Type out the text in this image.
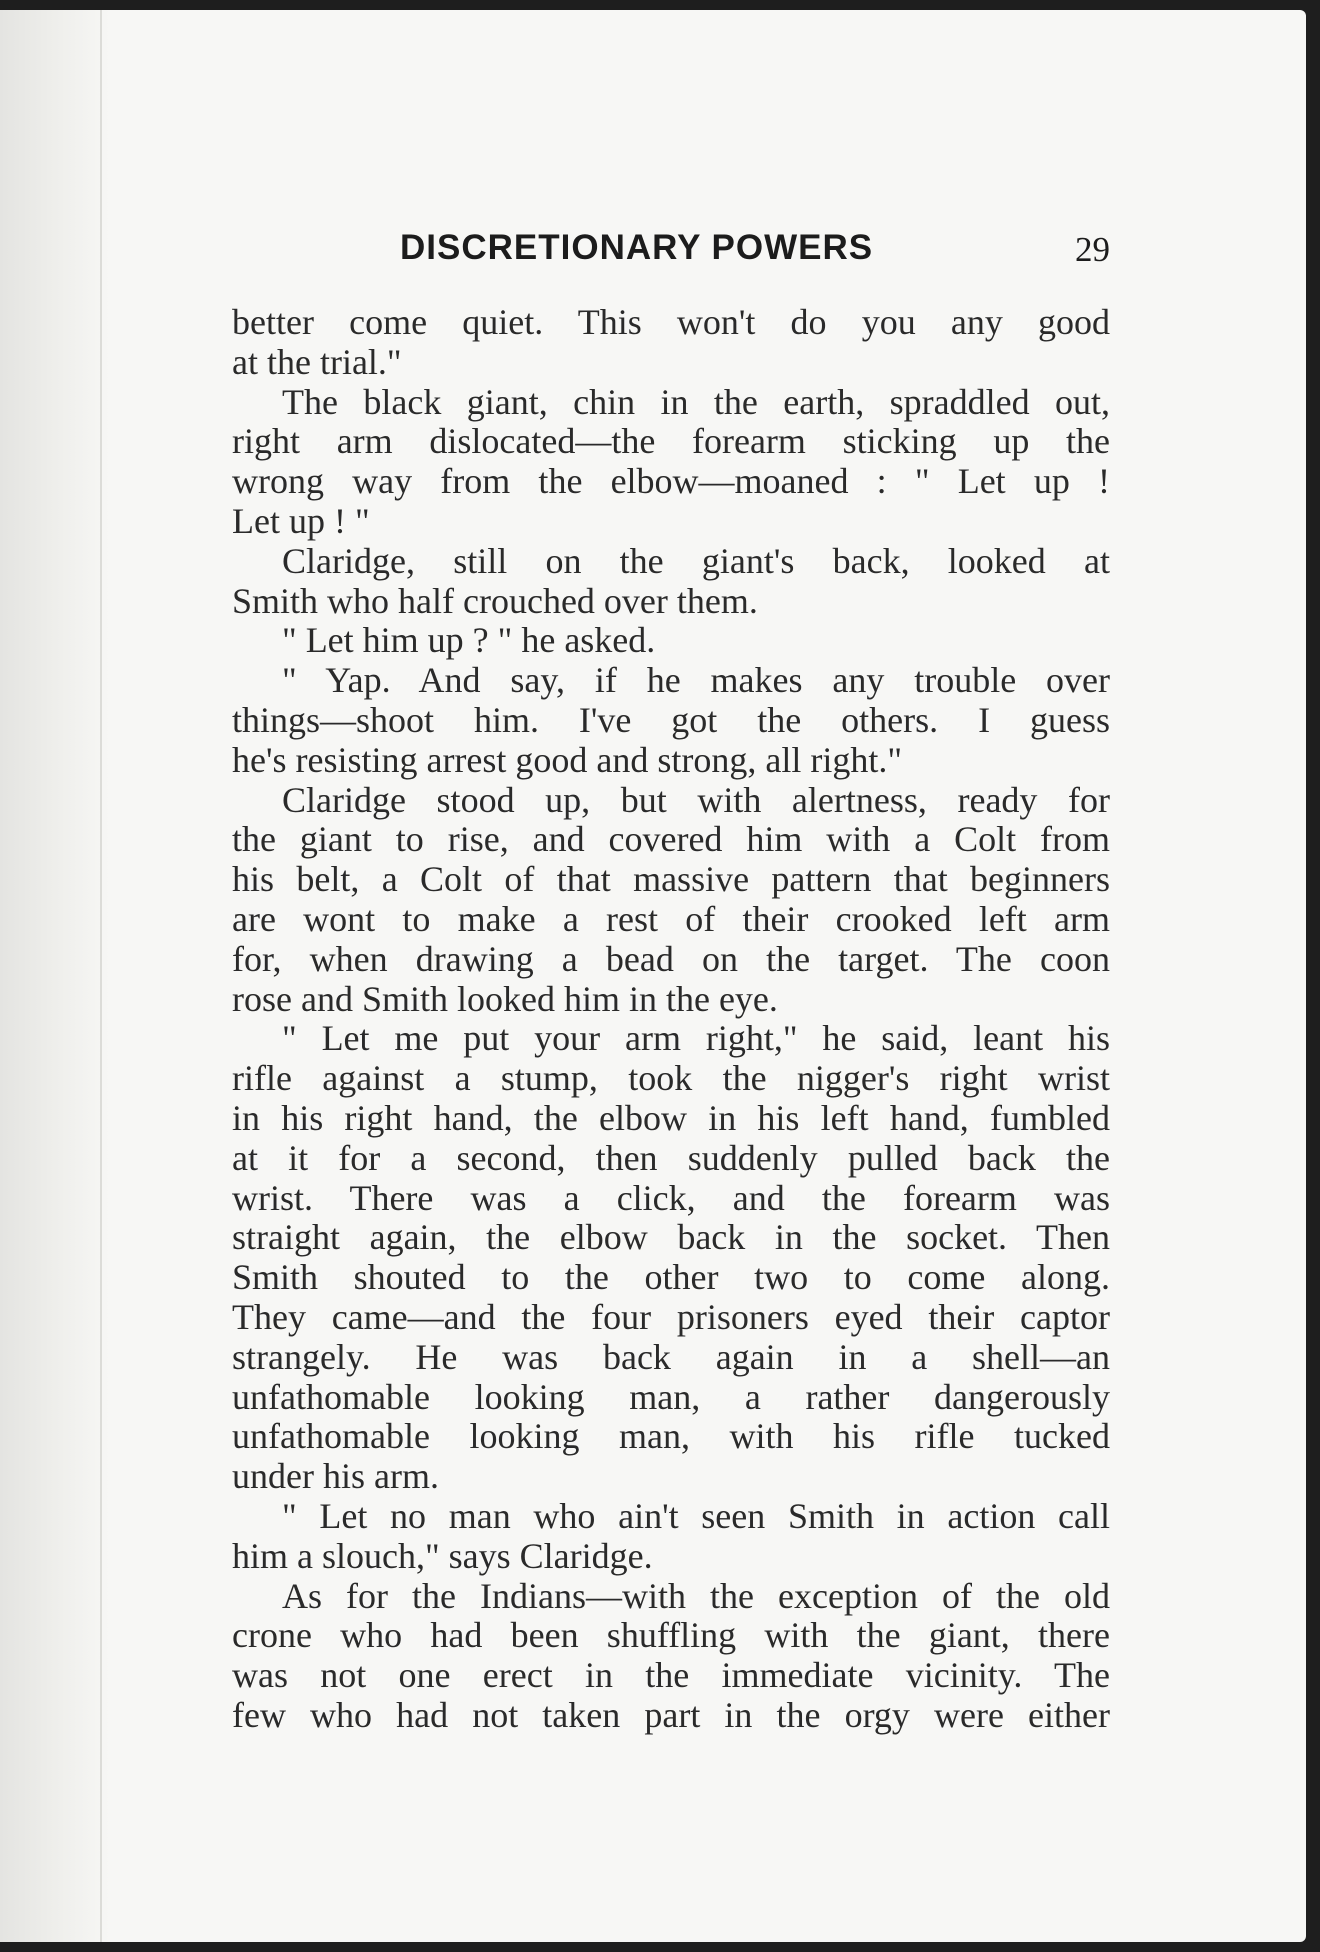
DISCRETIONARY POWERS	29
better come quiet. This won't do you any good
at the trial."
The black giant, chin in the earth, spraddled out,
right arm dislocated—the forearm sticking up the
wrong way from the elbow—moaned : " Let up !
Let up ! "
Claridge, still on the giant's back, looked at
Smith who half crouched over them.
" Let him up ? " he asked.
" Yap. And say, if he makes any trouble over
things—shoot him. I've got the others. I guess
he's resisting arrest good and strong, all right."
Claridge stood up, but with alertness, ready for
the giant to rise, and covered him with a Colt from
his belt, a Colt of that massive pattern that beginners
are wont to make a rest of their crooked left arm
for, when drawing a bead on the target. The coon
rose and Smith looked him in the eye.
" Let me put your arm right," he said, leant his
rifle against a stump, took the nigger's right wrist
in his right hand, the elbow in his left hand, fumbled
at it for a second, then suddenly pulled back the
wrist. There was a click, and the forearm was
straight again, the elbow back in the socket. Then
Smith shouted to the other two to come along.
They came—and the four prisoners eyed their captor
strangely. He was back again in a shell—an
unfathomable looking man, a rather dangerously
unfathomable looking man, with his rifle tucked
under his arm.
" Let no man who ain't seen Smith in action call
him a slouch," says Claridge.
As for the Indians—with the exception of the old
crone who had been shuffling with the giant, there
was not one erect in the immediate vicinity. The
few who had not taken part in the orgy were either
